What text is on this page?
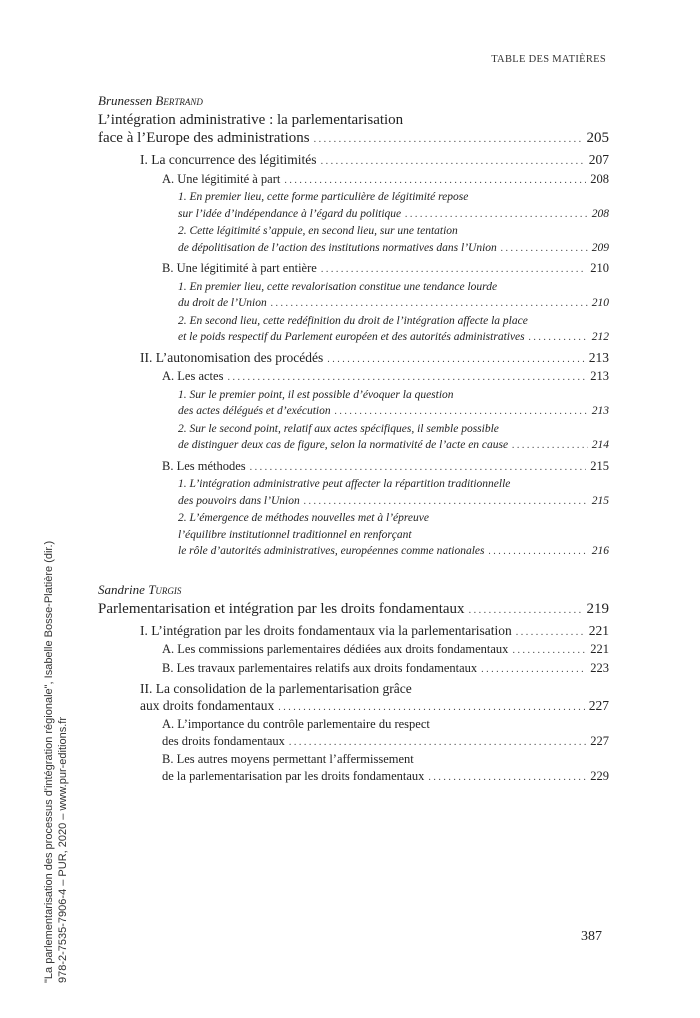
TABLE DES MATIÈRES
Brunessen Bertrand
L’intégration administrative : la parlementarisation
face à l’Europe des administrations . . .	205
I. La concurrence des légitimités . . .	207
A. Une légitimité à part . . .	208
1. En premier lieu, cette forme particulière de légitimité repose
sur l’idée d’indépendance à l’égard du politique . . .	208
2. Cette légitimité s’appuie, en second lieu, sur une tentation
de dépolitisation de l’action des institutions normatives dans l’Union . . .	209
B. Une légitimité à part entière . . .	210
1. En premier lieu, cette revalorisation constitue une tendance lourde
du droit de l’Union . . .	210
2. En second lieu, cette redéfinition du droit de l’intégration affecte la place
et le poids respectif du Parlement européen et des autorités administratives . . .	212
II. L’autonomisation des procédés . . .	213
A. Les actes . . .	213
1. Sur le premier point, il est possible d’évoquer la question
des actes délégués et d’exécution . . .	213
2. Sur le second point, relatif aux actes spécifiques, il semble possible
de distinguer deux cas de figure, selon la normativité de l’acte en cause . . .	214
B. Les méthodes . . .	215
1. L’intégration administrative peut affecter la répartition traditionnelle
des pouvoirs dans l’Union . . .	215
2. L’émergence de méthodes nouvelles met à l’épreuve
l’équilibre institutionnel traditionnel en renforçant
le rôle d’autorités administratives, européennes comme nationales . . .	216
Sandrine Turgis
Parlementarisation et intégration par les droits fondamentaux . . .	219
I. L’intégration par les droits fondamentaux via la parlementarisation . . .	221
A. Les commissions parlementaires dédiées aux droits fondamentaux . . .	221
B. Les travaux parlementaires relatifs aux droits fondamentaux . . .	223
II. La consolidation de la parlementarisation grâce
aux droits fondamentaux . . .	227
A. L’importance du contrôle parlementaire du respect
des droits fondamentaux . . .	227
B. Les autres moyens permettant l’affermissement
de la parlementarisation par les droits fondamentaux . . .	229
387
"La parlementarisation des processus d'intégration régionale", Isabelle Bosse-Platière (dir.) 978-2-7535-7906-4 – PUR, 2020 – www.pur-editions.fr
